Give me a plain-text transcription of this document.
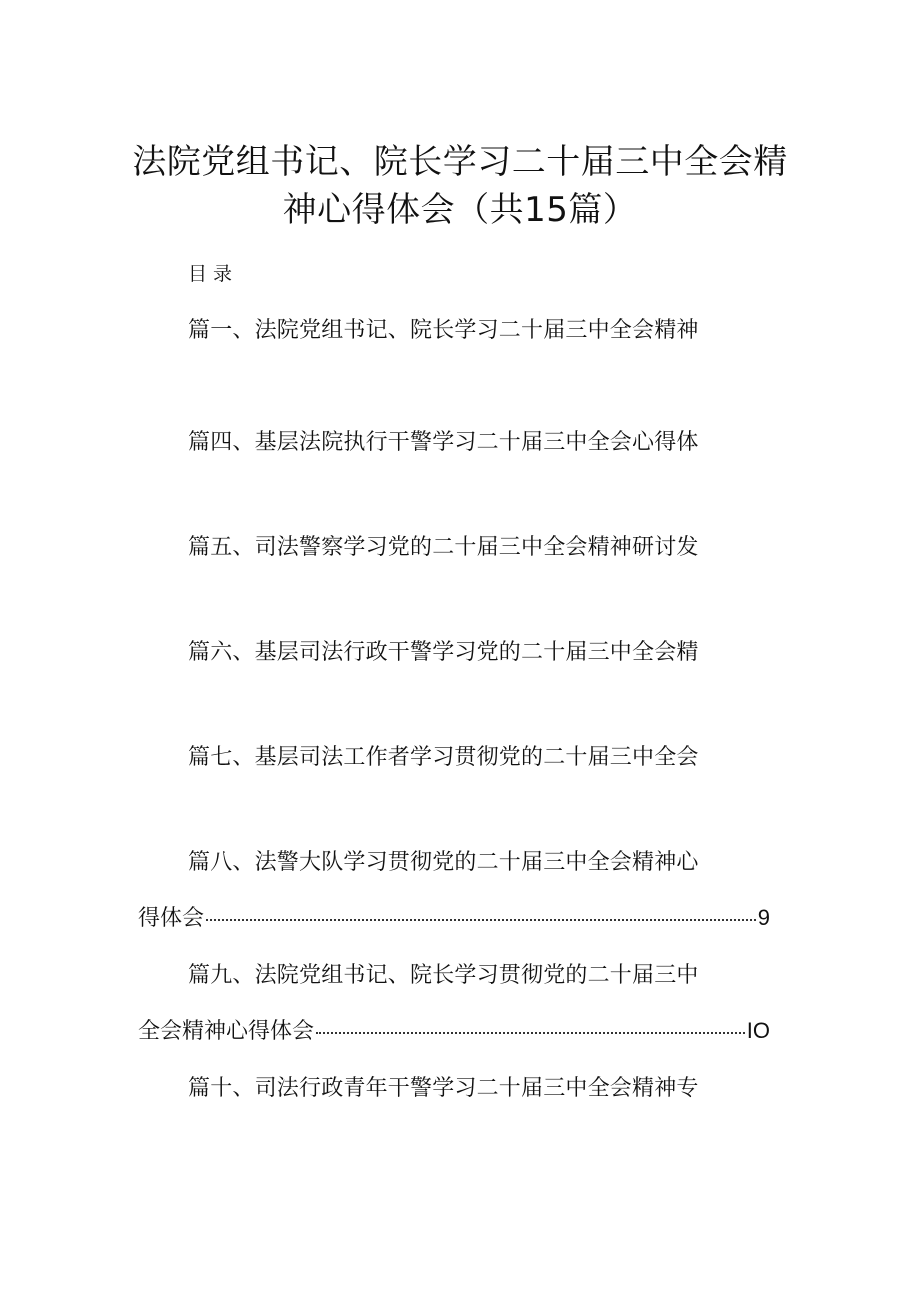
法院党组书记、院长学习二十届三中全会精
神心得体会（共15篇）
目录
篇一、法院党组书记、院长学习二十届三中全会精神
篇四、基层法院执行干警学习二十届三中全会心得体
篇五、司法警察学习党的二十届三中全会精神研讨发
篇六、基层司法行政干警学习党的二十届三中全会精
篇七、基层司法工作者学习贯彻党的二十届三中全会
篇八、法警大队学习贯彻党的二十届三中全会精神心
得体会	9
篇九、法院党组书记、院长学习贯彻党的二十届三中
全会精神心得体会	IO
篇十、司法行政青年干警学习二十届三中全会精神专
